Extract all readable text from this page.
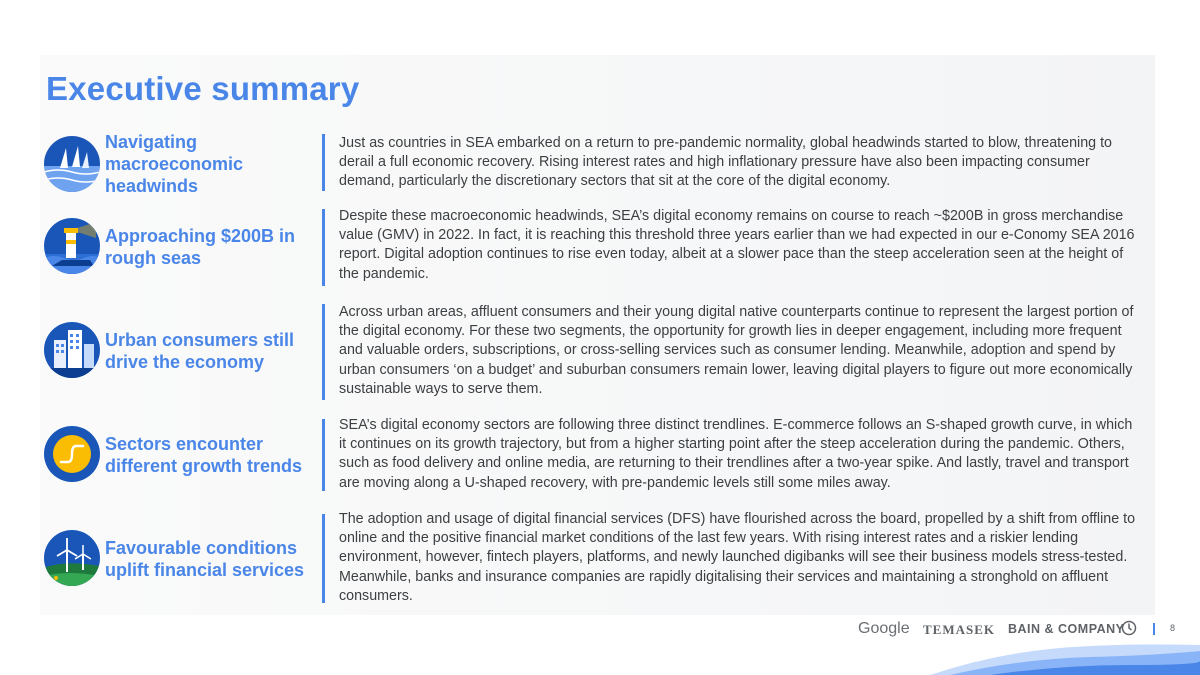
Executive summary
Navigating macroeconomic headwinds
Just as countries in SEA embarked on a return to pre-pandemic normality, global headwinds started to blow, threatening to derail a full economic recovery. Rising interest rates and high inflationary pressure have also been impacting consumer demand, particularly the discretionary sectors that sit at the core of the digital economy.
Approaching $200B in rough seas
Despite these macroeconomic headwinds, SEA’s digital economy remains on course to reach ~$200B in gross merchandise value (GMV) in 2022. In fact, it is reaching this threshold three years earlier than we had expected in our e-Conomy SEA 2016 report. Digital adoption continues to rise even today, albeit at a slower pace than the steep acceleration seen at the height of the pandemic.
Urban consumers still drive the economy
Across urban areas, affluent consumers and their young digital native counterparts continue to represent the largest portion of the digital economy. For these two segments, the opportunity for growth lies in deeper engagement, including more frequent and valuable orders, subscriptions, or cross-selling services such as consumer lending. Meanwhile, adoption and spend by urban consumers ‘on a budget’ and suburban consumers remain lower, leaving digital players to figure out more economically sustainable ways to serve them.
Sectors encounter different growth trends
SEA’s digital economy sectors are following three distinct trendlines. E-commerce follows an S-shaped growth curve, in which it continues on its growth trajectory, but from a higher starting point after the steep acceleration during the pandemic. Others, such as food delivery and online media, are returning to their trendlines after a two-year spike. And lastly, travel and transport are moving along a U-shaped recovery, with pre-pandemic levels still some miles away.
Favourable conditions uplift financial services
The adoption and usage of digital financial services (DFS) have flourished across the board, propelled by a shift from offline to online and the positive financial market conditions of the last few years. With rising interest rates and a riskier lending environment, however, fintech players, platforms, and newly launched digibanks will see their business models stress-tested. Meanwhile, banks and insurance companies are rapidly digitalising their services and maintaining a stronghold on affluent consumers.
Google TEMASEK BAIN & COMPANY	8
